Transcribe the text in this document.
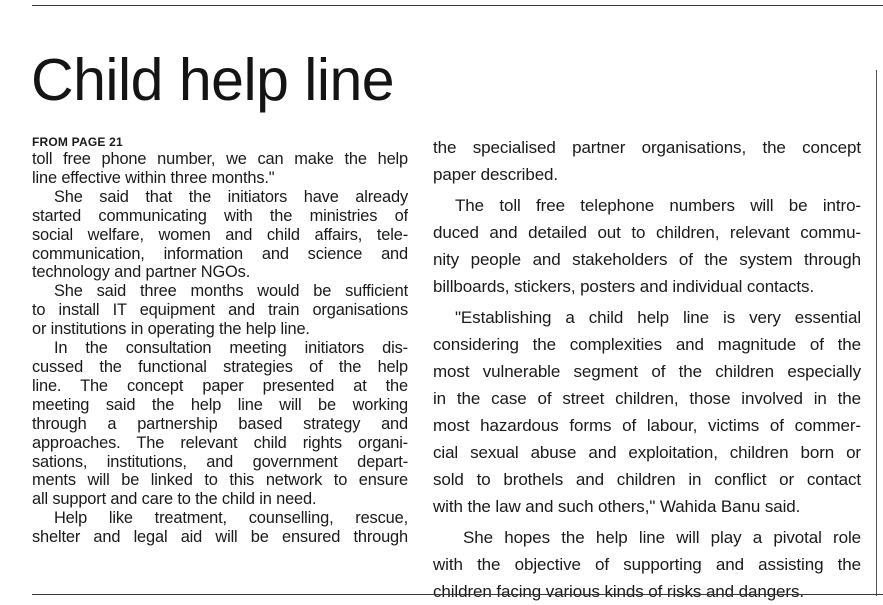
Child help line

FROM PAGE 21

toll free phone number, we can make the help
line effective within three months."
She said that the initiators have already
started communicating with the ministries of
social welfare, women and child affairs, tele-
communication, information and science and
technology and partner NGOs.
She said three months would be sufficient
to install IT equipment and train organisations
or institutions in operating the help line.
In the consultation meeting initiators dis-
cussed the functional strategies of the help
line. The concept paper presented at the
meeting said the help line will be working
through a partnership based strategy and
approaches. The relevant child rights organi-
sations, institutions, and government depart-
ments will be linked to this network to ensure
all support and care to the child in need.
Help like treatment, counselling, rescue,
shelter and legal aid will be ensured through
the specialised partner organisations, the concept
paper described.
The toll free telephone numbers will be intro-
duced and detailed out to children, relevant commu-
nity people and stakeholders of the system through
billboards, stickers, posters and individual contacts.
"Establishing a child help line is very essential
considering the complexities and magnitude of the
most vulnerable segment of the children especially
in the case of street children, those involved in the
most hazardous forms of labour, victims of commer-
cial sexual abuse and exploitation, children born or
sold to brothels and children in conflict or contact
with the law and such others," Wahida Banu said.
She hopes the help line will play a pivotal role
with the objective of supporting and assisting the
children facing various kinds of risks and dangers.
